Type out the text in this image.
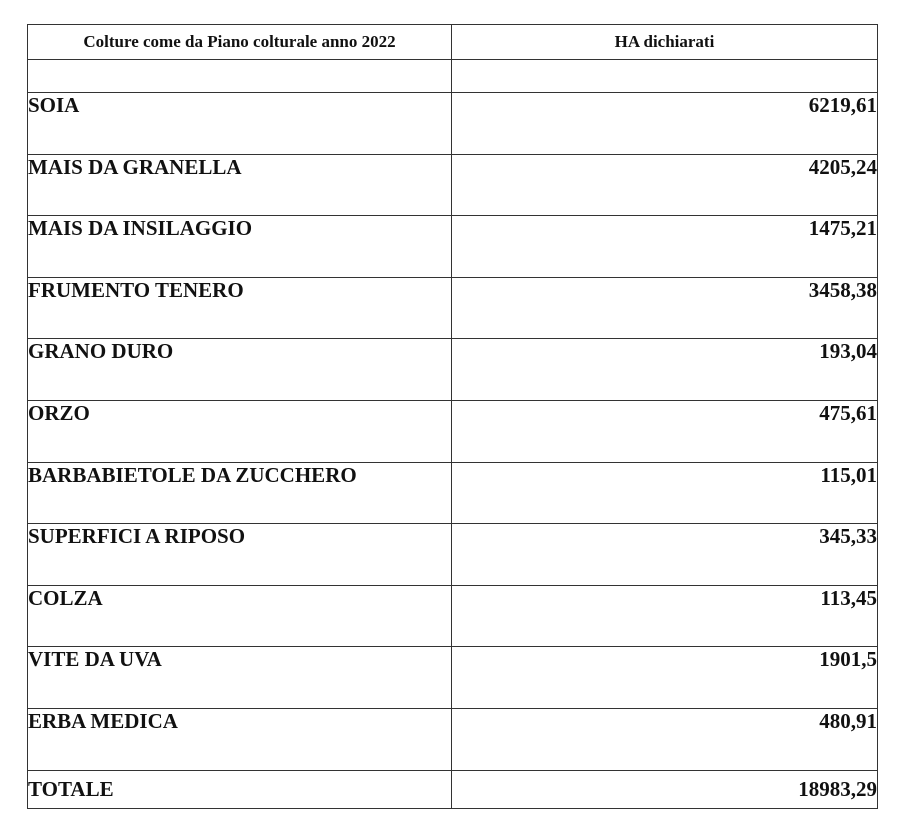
Colture come da Piano colturale anno 2022	HA dichiarati

SOIA	6219,61
MAIS DA GRANELLA	4205,24
MAIS DA INSILAGGIO	1475,21
FRUMENTO TENERO	3458,38
GRANO DURO	193,04
ORZO	475,61
BARBABIETOLE DA ZUCCHERO	115,01
SUPERFICI A RIPOSO	345,33
COLZA	113,45
VITE DA UVA	1901,5
ERBA MEDICA	480,91
TOTALE	18983,29
